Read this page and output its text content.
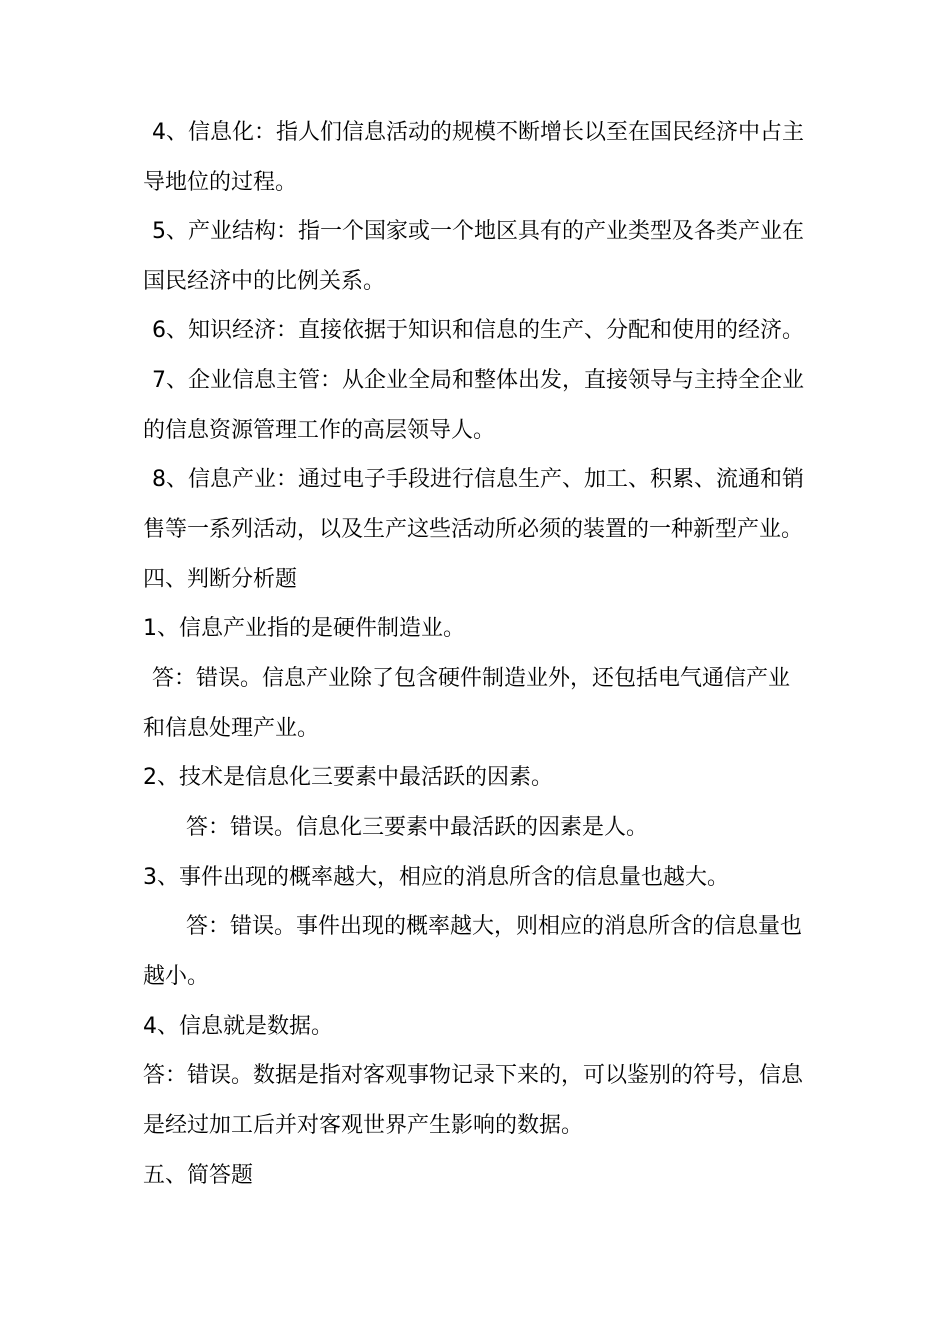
4、信息化：指人们信息活动的规模不断增长以至在国民经济中占主
导地位的过程。
5、产业结构：指一个国家或一个地区具有的产业类型及各类产业在
国民经济中的比例关系。
6、知识经济：直接依据于知识和信息的生产、分配和使用的经济。
7、企业信息主管：从企业全局和整体出发，直接领导与主持全企业
的信息资源管理工作的高层领导人。
8、信息产业：通过电子手段进行信息生产、加工、积累、流通和销
售等一系列活动，以及生产这些活动所必须的装置的一种新型产业。
四、判断分析题
1、信息产业指的是硬件制造业。
答：错误。信息产业除了包含硬件制造业外，还包括电气通信产业
和信息处理产业。
2、技术是信息化三要素中最活跃的因素。
答：错误。信息化三要素中最活跃的因素是人。
3、事件出现的概率越大，相应的消息所含的信息量也越大。
答：错误。事件出现的概率越大，则相应的消息所含的信息量也
越小。
4、信息就是数据。
答：错误。数据是指对客观事物记录下来的，可以鉴别的符号，信息
是经过加工后并对客观世界产生影响的数据。
五、简答题
